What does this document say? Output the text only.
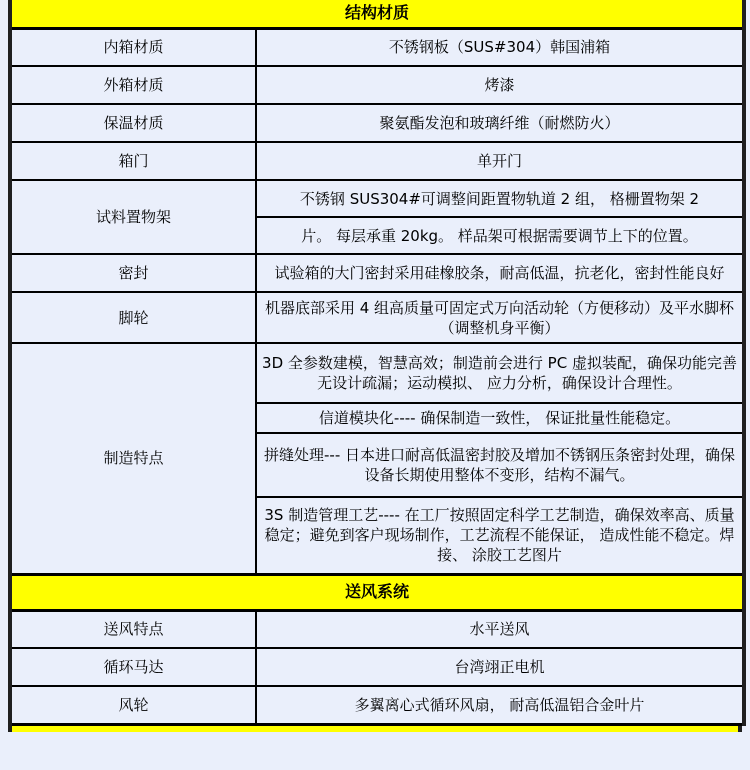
结构材质	
内箱材质	不锈钢板（SUS#304）韩国浦箱
外箱材质	烤漆
保温材质	聚氨酯发泡和玻璃纤维（耐燃防火）
箱门	单开门
试料置物架	不锈钢 SUS304#可调整间距置物轨道 2 组， 格栅置物架 2
	片。 每层承重 20kg。 样品架可根据需要调节上下的位置。
密封	试验箱的大门密封采用硅橡胶条，耐高低温，抗老化，密封性能良好
脚轮	机器底部采用 4 组高质量可固定式万向活动轮（方便移动）及平水脚杯（调整机身平衡）
制造特点	3D 全参数建模，智慧高效；制造前会进行 PC 虚拟装配，确保功能完善无设计疏漏；运动模拟、 应力分析，确保设计合理性。
	信道模块化---- 确保制造一致性， 保证批量性能稳定。
	拼缝处理--- 日本进口耐高低温密封胶及增加不锈钢压条密封处理，确保设备长期使用整体不变形，结构不漏气。
	3S 制造管理工艺---- 在工厂按照固定科学工艺制造，确保效率高、质量稳定；避免到客户现场制作，工艺流程不能保证， 造成性能不稳定。焊接、 涂胶工艺图片
送风系统	
送风特点	水平送风
循环马达	台湾翊正电机
风轮	多翼离心式循环风扇， 耐高低温铝合金叶片
